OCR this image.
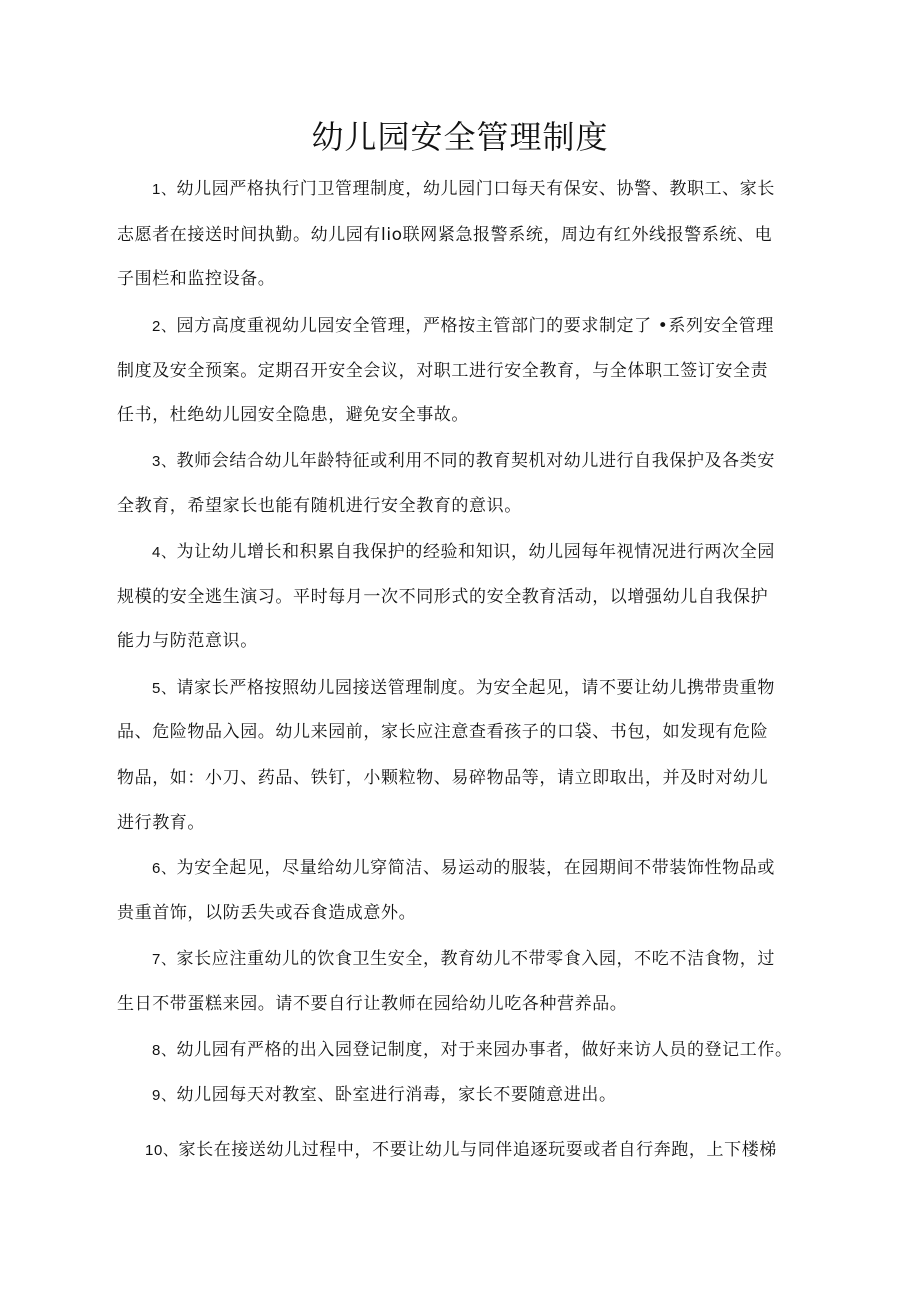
幼儿园安全管理制度
1、幼儿园严格执行门卫管理制度，幼儿园门口每天有保安、协警、教职工、家长
志愿者在接送时间执勤。幼儿园有lio联网紧急报警系统，周边有红外线报警系统、电
子围栏和监控设备。
2、园方高度重视幼儿园安全管理，严格按主管部门的要求制定了 •系列安全管理
制度及安全预案。定期召开安全会议，对职工进行安全教育，与全体职工签订安全责
任书，杜绝幼儿园安全隐患，避免安全事故。
3、教师会结合幼儿年龄特征或利用不同的教育契机对幼儿进行自我保护及各类安
全教育，希望家长也能有随机进行安全教育的意识。
4、为让幼儿增长和积累自我保护的经验和知识，幼儿园每年视情况进行两次全园
规模的安全逃生演习。平时每月一次不同形式的安全教育活动，以增强幼儿自我保护
能力与防范意识。
5、请家长严格按照幼儿园接送管理制度。为安全起见，请不要让幼儿携带贵重物
品、危险物品入园。幼儿来园前，家长应注意查看孩子的口袋、书包，如发现有危险
物品，如：小刀、药品、铁钉，小颗粒物、易碎物品等，请立即取出，并及时对幼儿
进行教育。
6、为安全起见，尽量给幼儿穿简洁、易运动的服装，在园期间不带装饰性物品或
贵重首饰，以防丢失或吞食造成意外。
7、家长应注重幼儿的饮食卫生安全，教育幼儿不带零食入园，不吃不洁食物，过
生日不带蛋糕来园。请不要自行让教师在园给幼儿吃各种营养品。
8、幼儿园有严格的出入园登记制度，对于来园办事者，做好来访人员的登记工作。
9、幼儿园每天对教室、卧室进行消毒，家长不要随意进出。
10、家长在接送幼儿过程中，不要让幼儿与同伴追逐玩耍或者自行奔跑，上下楼梯
